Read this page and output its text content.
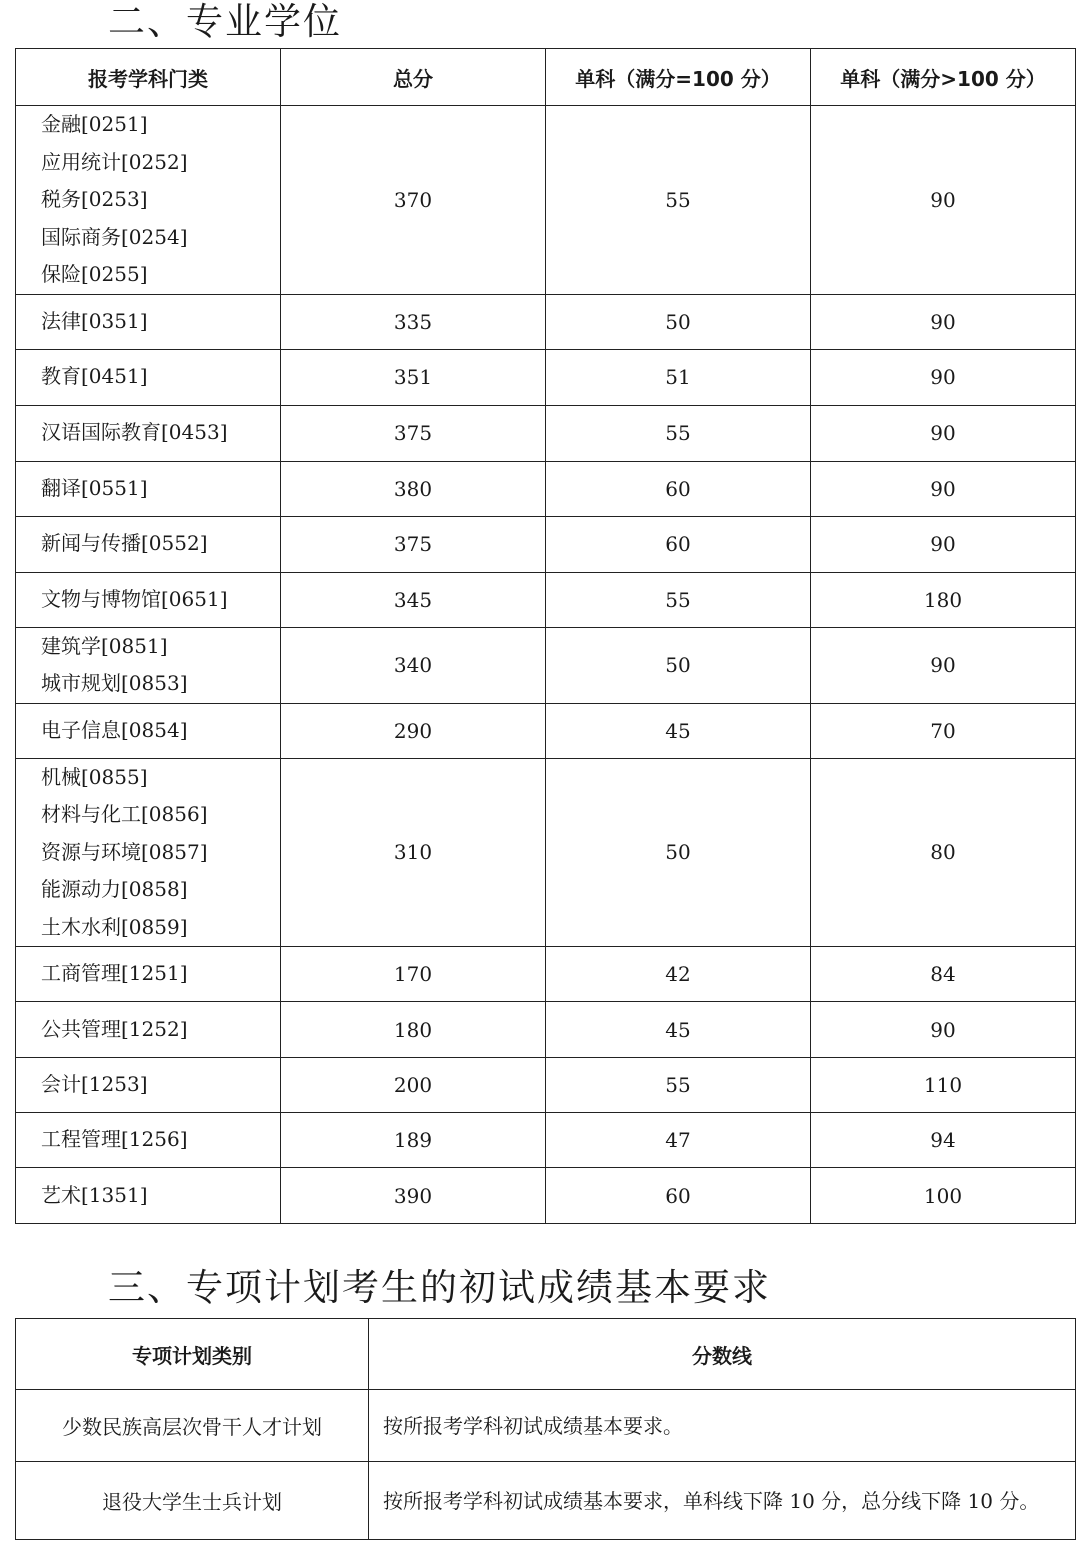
二、专业学位
报考学科门类	总分	单科（满分=100 分）	单科（满分>100 分）

金融[0251]
应用统计[0252]
税务[0253]
国际商务[0254]
保险[0255]	370	55	90

法律[0351]	335	50	90

教育[0451]	351	51	90

汉语国际教育[0453]	375	55	90

翻译[0551]	380	60	90

新闻与传播[0552]	375	60	90

文物与博物馆[0651]	345	55	180

建筑学[0851]
城市规划[0853]	340	50	90

电子信息[0854]	290	45	70

机械[0855]
材料与化工[0856]
资源与环境[0857]
能源动力[0858]
土木水利[0859]	310	50	80

工商管理[1251]	170	42	84

公共管理[1252]	180	45	90

会计[1253]	200	55	110

工程管理[1256]	189	47	94

艺术[1351]	390	60	100
三、专项计划考生的初试成绩基本要求
专项计划类别	分数线
少数民族高层次骨干人才计划	按所报考学科初试成绩基本要求。
退役大学生士兵计划	按所报考学科初试成绩基本要求，单科线下降 10 分，总分线下降 10 分。
